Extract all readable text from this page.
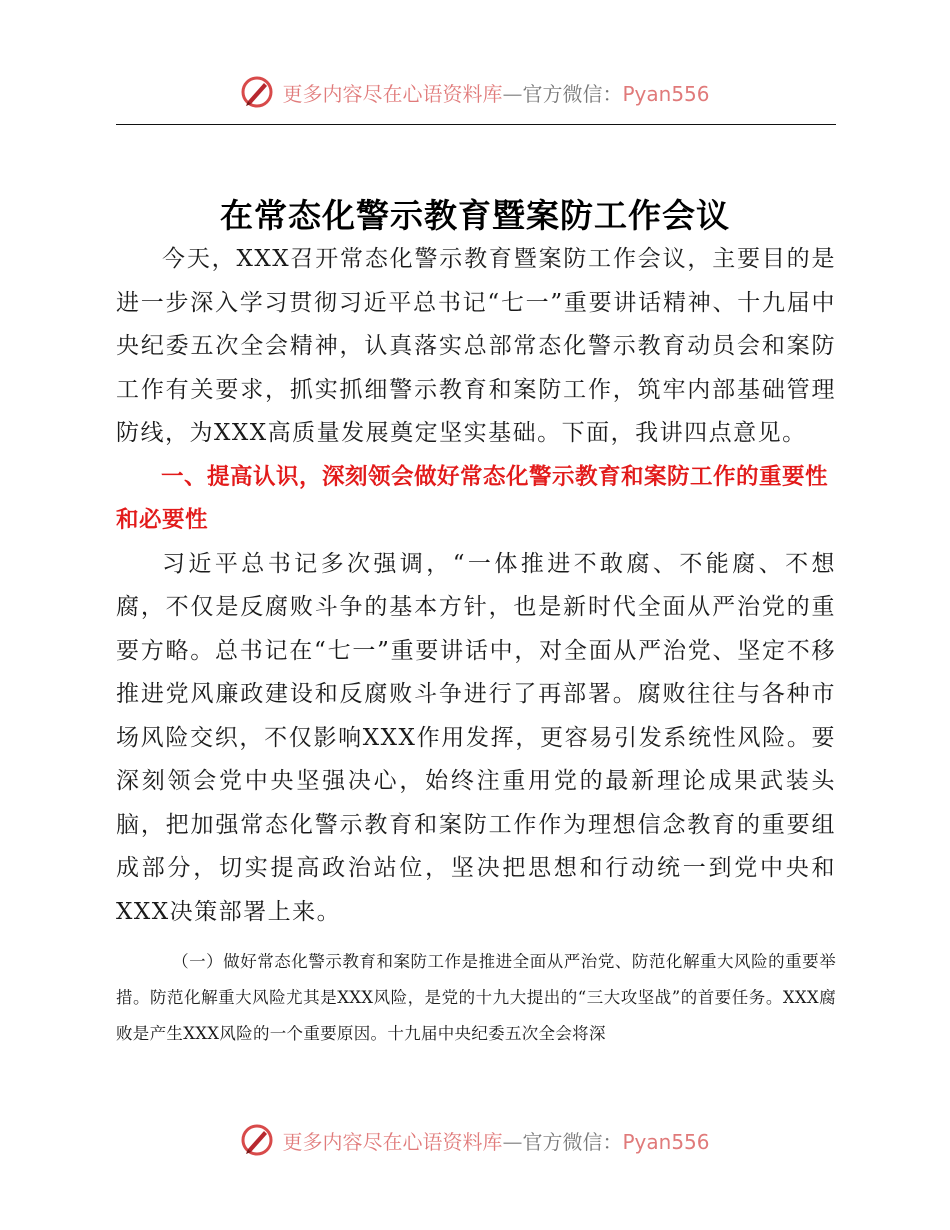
更多内容尽在心语资料库—官方微信：Pyan556
在常态化警示教育暨案防工作会议

今天，XXX召开常态化警示教育暨案防工作会议，主要目的是进一步深入学习贯彻习近平总书记“七一”重要讲话精神、十九届中央纪委五次全会精神，认真落实总部常态化警示教育动员会和案防工作有关要求，抓实抓细警示教育和案防工作，筑牢内部基础管理防线，为XXX高质量发展奠定坚实基础。下面，我讲四点意见。

一、提高认识，深刻领会做好常态化警示教育和案防工作的重要性和必要性

习近平总书记多次强调，“一体推进不敢腐、不能腐、不想腐，不仅是反腐败斗争的基本方针，也是新时代全面从严治党的重要方略。总书记在“七一”重要讲话中，对全面从严治党、坚定不移推进党风廉政建设和反腐败斗争进行了再部署。腐败往往与各种市场风险交织，不仅影响XXX作用发挥，更容易引发系统性风险。要深刻领会党中央坚强决心，始终注重用党的最新理论成果武装头脑，把加强常态化警示教育和案防工作作为理想信念教育的重要组成部分，切实提高政治站位，坚决把思想和行动统一到党中央和XXX决策部署上来。

（一）做好常态化警示教育和案防工作是推进全面从严治党、防范化解重大风险的重要举措。防范化解重大风险尤其是XXX风险，是党的十九大提出的“三大攻坚战”的首要任务。XXX腐败是产生XXX风险的一个重要原因。十九届中央纪委五次全会将深

更多内容尽在心语资料库—官方微信：Pyan556
